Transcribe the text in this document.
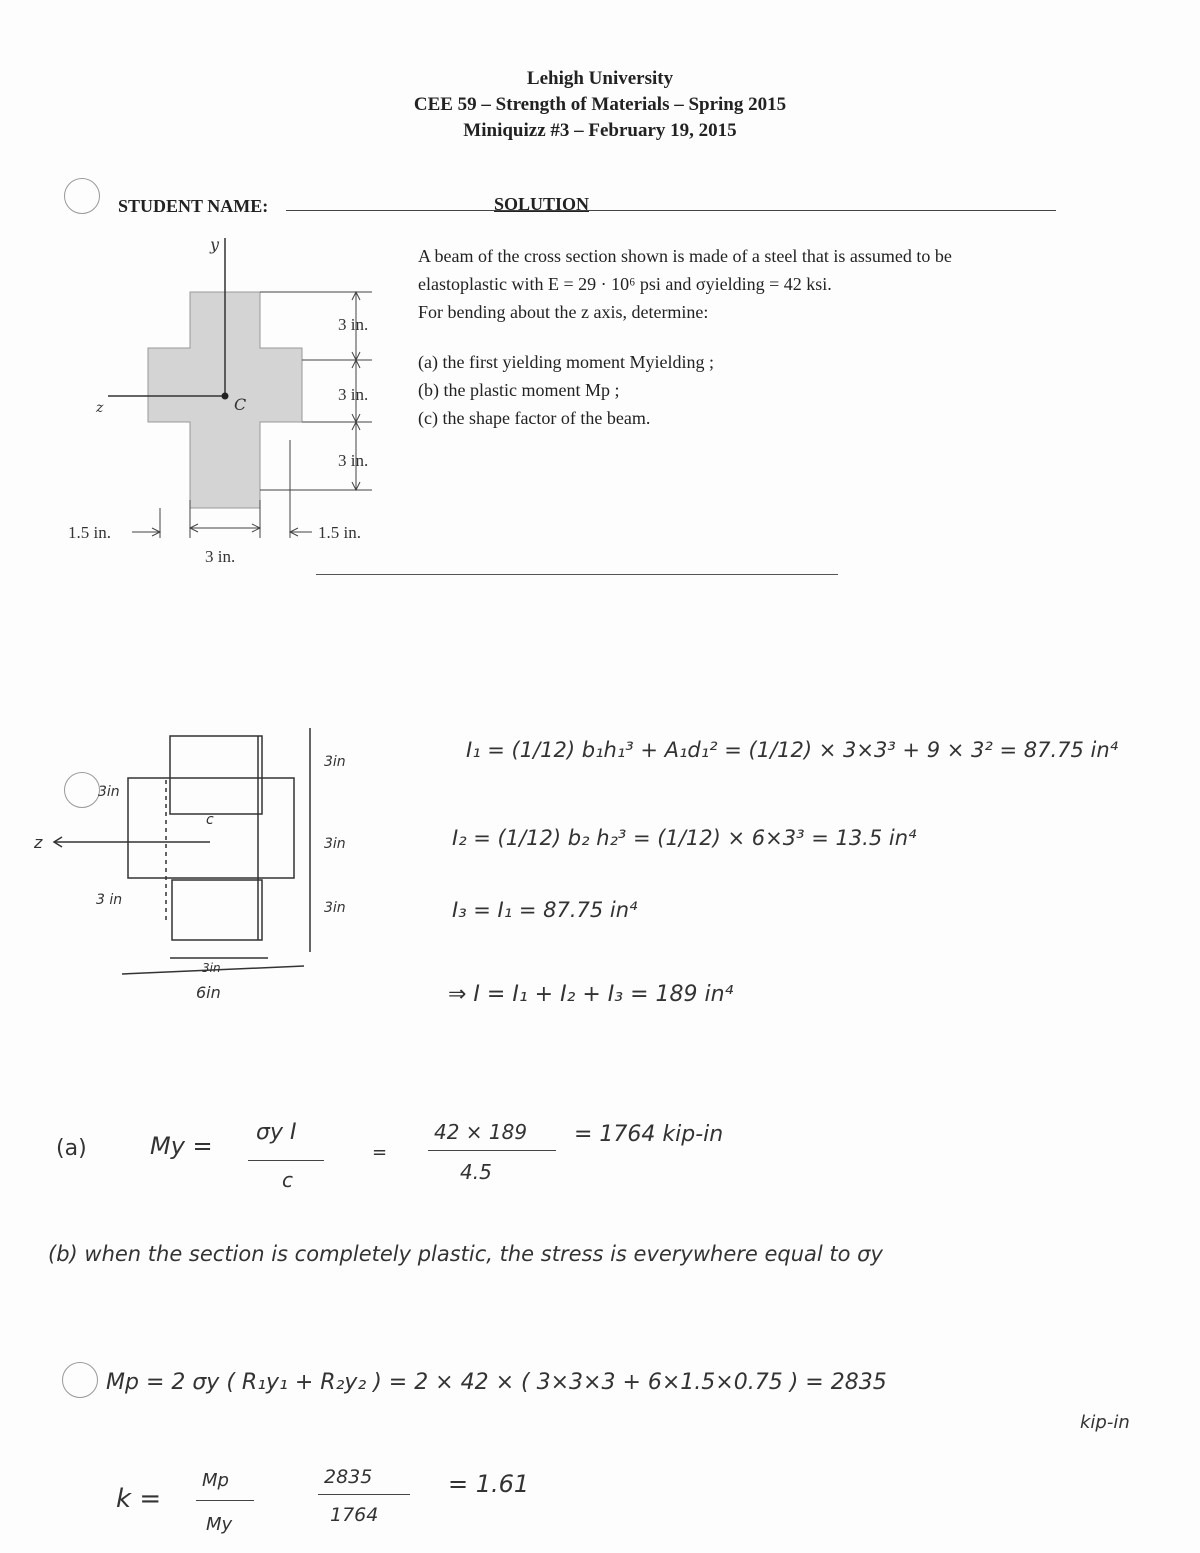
Lehigh University
CEE 59 – Strength of Materials – Spring 2015
Miniquizz #3 – February 19, 2015
STUDENT NAME:	SOLUTION
A beam of the cross section shown is made of a steel that is assumed to be
elastoplastic with E = 29 · 10⁶ psi and σyielding = 42 ksi.
For bending about the z axis, determine:
(a) the first yielding moment Myielding ;
(b) the plastic moment Mp ;
(c) the shape factor of the beam.
y
z	C
3 in.
3 in.
3 in.
1.5 in.
3 in.
1.5 in.
z
c
3in
3in
3in
3in
3 in
3in
6in
I₁ = (1/12) b₁h₁³ + A₁d₁² = (1/12) × 3×3³ + 9 × 3² = 87.75 in⁴
I₂ = (1/12) b₂ h₂³ = (1/12) × 6×3³ = 13.5 in⁴
I₃ = I₁ = 87.75 in⁴
⇒ I = I₁ + I₂ + I₃ = 189 in⁴
(a)	My = σy I
c
=
42 × 189
4.5
= 1764 kip-in
(b) when the section is completely plastic, the stress is everywhere equal to σy
Mp = 2 σy ( R₁y₁ + R₂y₂ ) = 2 × 42 × ( 3×3×3 + 6×1.5×0.75 ) = 2835
kip-in
k =
Mp
My
2835
1764
= 1.61
